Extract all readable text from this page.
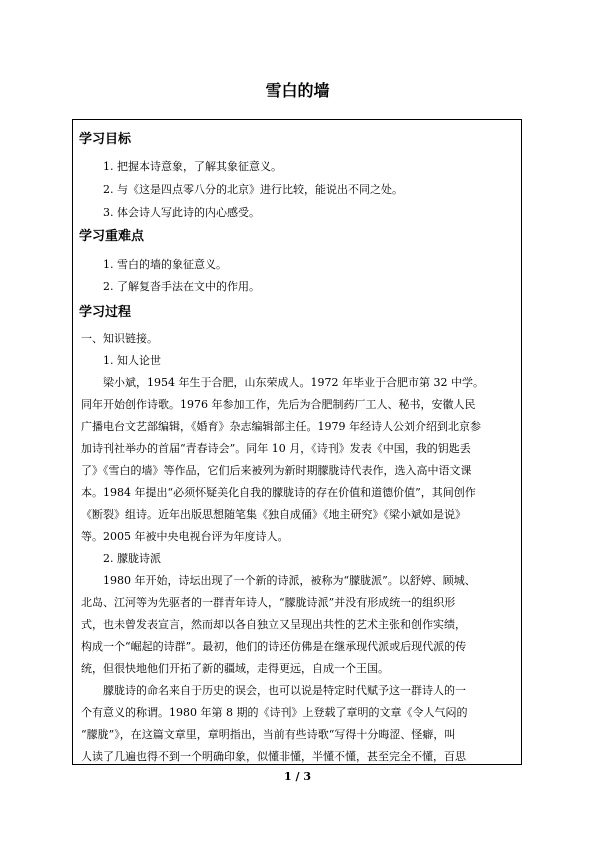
雪白的墙
学习目标
1. 把握本诗意象，了解其象征意义。
2. 与《这是四点零八分的北京》进行比较，能说出不同之处。
3. 体会诗人写此诗的内心感受。
学习重难点
1. 雪白的墙的象征意义。
2. 了解复沓手法在文中的作用。
学习过程
一、知识链接。
1. 知人论世
梁小斌，1954 年生于合肥，山东荣成人。1972 年毕业于合肥市第 32 中学。
同年开始创作诗歌。1976 年参加工作，先后为合肥制药厂工人、秘书，安徽人民
广播电台文艺部编辑，《婚育》杂志编辑部主任。1979 年经诗人公刘介绍到北京参
加诗刊社举办的首届“青春诗会”。同年 10 月，《诗刊》发表《中国，我的钥匙丢
了》《雪白的墙》等作品，它们后来被列为新时期朦胧诗代表作，选入高中语文课
本。1984 年提出“必须怀疑美化自我的朦胧诗的存在价值和道德价值”，其间创作
《断裂》组诗。近年出版思想随笔集《独自成俑》《地主研究》《梁小斌如是说》
等。2005 年被中央电视台评为年度诗人。
2. 朦胧诗派
1980 年开始，诗坛出现了一个新的诗派，被称为“朦胧派”。以舒婷、顾城、
北岛、江河等为先驱者的一群青年诗人，“朦胧诗派”并没有形成统一的组织形
式，也未曾发表宣言，然而却以各自独立又呈现出共性的艺术主张和创作实绩，
构成一个“崛起的诗群”。最初，他们的诗还仿佛是在继承现代派或后现代派的传
统，但很快地他们开拓了新的疆域，走得更远，自成一个王国。
朦胧诗的命名来自于历史的误会，也可以说是特定时代赋予这一群诗人的一
个有意义的称谓。1980 年第 8 期的《诗刊》上登载了章明的文章《令人气闷的
“朦胧”》，在这篇文章里，章明指出，当前有些诗歌“写得十分晦涩、怪癖，叫
人读了几遍也得不到一个明确印象，似懂非懂，半懂不懂，甚至完全不懂，百思
1 / 3
